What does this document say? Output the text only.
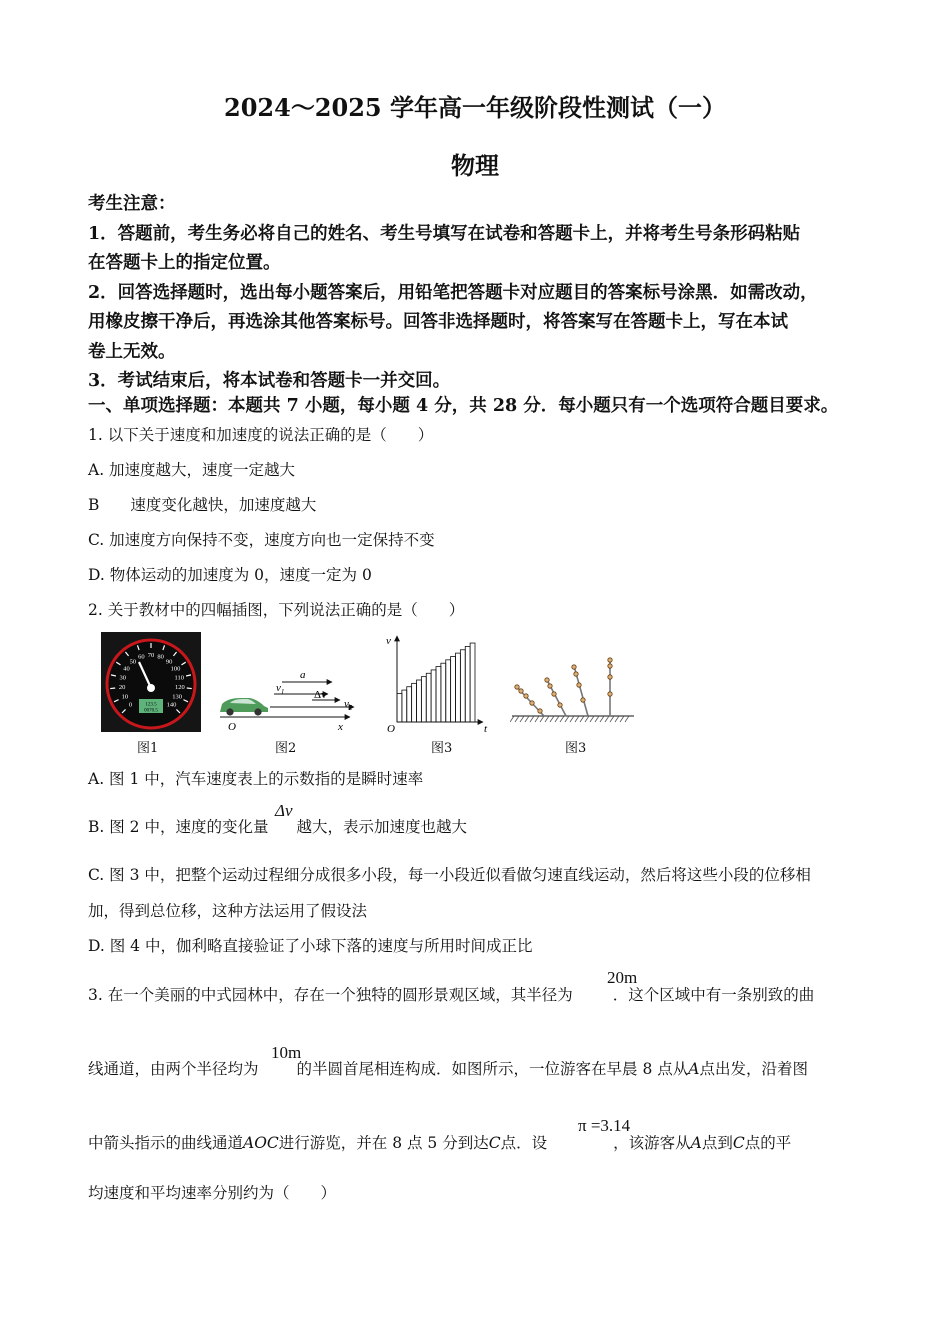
2024～2025 学年高一年级阶段性测试（一）
物理

考生注意：

1．答题前，考生务必将自己的姓名、考生号填写在试卷和答题卡上，并将考生号条形码粘贴

在答题卡上的指定位置。

2．回答选择题时，选出每小题答案后，用铅笔把答题卡对应题目的答案标号涂黑．如需改动，

用橡皮擦干净后，再选涂其他答案标号。回答非选择题时，将答案写在答题卡上，写在本试

卷上无效。

3．考试结束后，将本试卷和答题卡一并交回。

一、单项选择题：本题共 7 小题，每小题 4 分，共 28 分．每小题只有一个选项符合题目要求。

1. 以下关于速度和加速度的说法正确的是（　　）

A. 加速度越大，速度一定越大

B　　速度变化越快，加速度越大

C. 加速度方向保持不变，速度方向也一定保持不变

D. 物体运动的加速度为 0，速度一定为 0

2. 关于教材中的四幅插图，下列说法正确的是（　　）

0
10
20
30
40
50
60 70 80
90
100
110
120
130
140
123.5
0070.5
图1
a
$v_1$	Δv
$v_2$
O	x
图2
v
t
O
图3	图3

A. 图 1 中，汽车速度表上的示数指的是瞬时速率

B. 图 2 中，速度的变化量 越大，表示加速度也越大

Δv

C. 图 3 中，把整个运动过程细分成很多小段，每一小段近似看做匀速直线运动，然后将这些小段的位移相

加，得到总位移，这种方法运用了假设法

D. 图 4 中，伽利略直接验证了小球下落的速度与所用时间成正比

3. 在一个美丽的中式园林中，存在一个独特的圆形景观区域，其半径为	．这个区域中有一条别致的曲

20m

线通道，由两个半径均为 的半圆首尾相连构成．如图所示，一位游客在早晨 8 点从A点出发，沿着图

10m

中箭头指示的曲线通道AOC进行游览，并在 8 点 5 分到达C点．设	，该游客从A点到C点的平

π =3.14

均速度和平均速率分别约为（　　）
